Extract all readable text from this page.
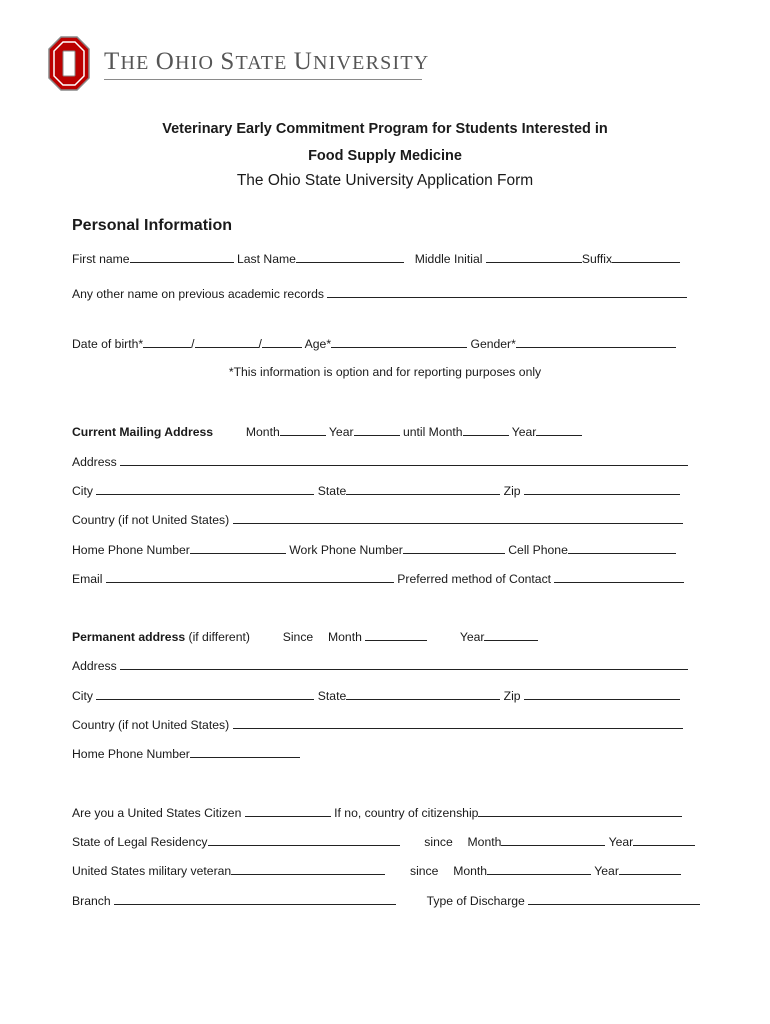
THE OHIO STATE UNIVERSITY
Veterinary Early Commitment Program for Students Interested in
Food Supply Medicine
The Ohio State University Application Form
Personal Information
First name	Last Name	Middle Initial	Suffix
Any other name on previous academic records
Date of birth*	/	/	Age*	Gender*
*This information is option and for reporting purposes only
Current Mailing Address	Month	Year	until Month	Year
Address
City	State	Zip
Country (if not United States)
Home Phone Number	Work Phone Number	Cell Phone
Email	Preferred method of Contact
Permanent address (if different)	Since Month	Year
Address
City	State	Zip
Country (if not United States)
Home Phone Number
Are you a United States Citizen	If no, country of citizenship
State of Legal Residency	since Month	Year
United States military veteran	since Month	Year
Branch	Type of Discharge
